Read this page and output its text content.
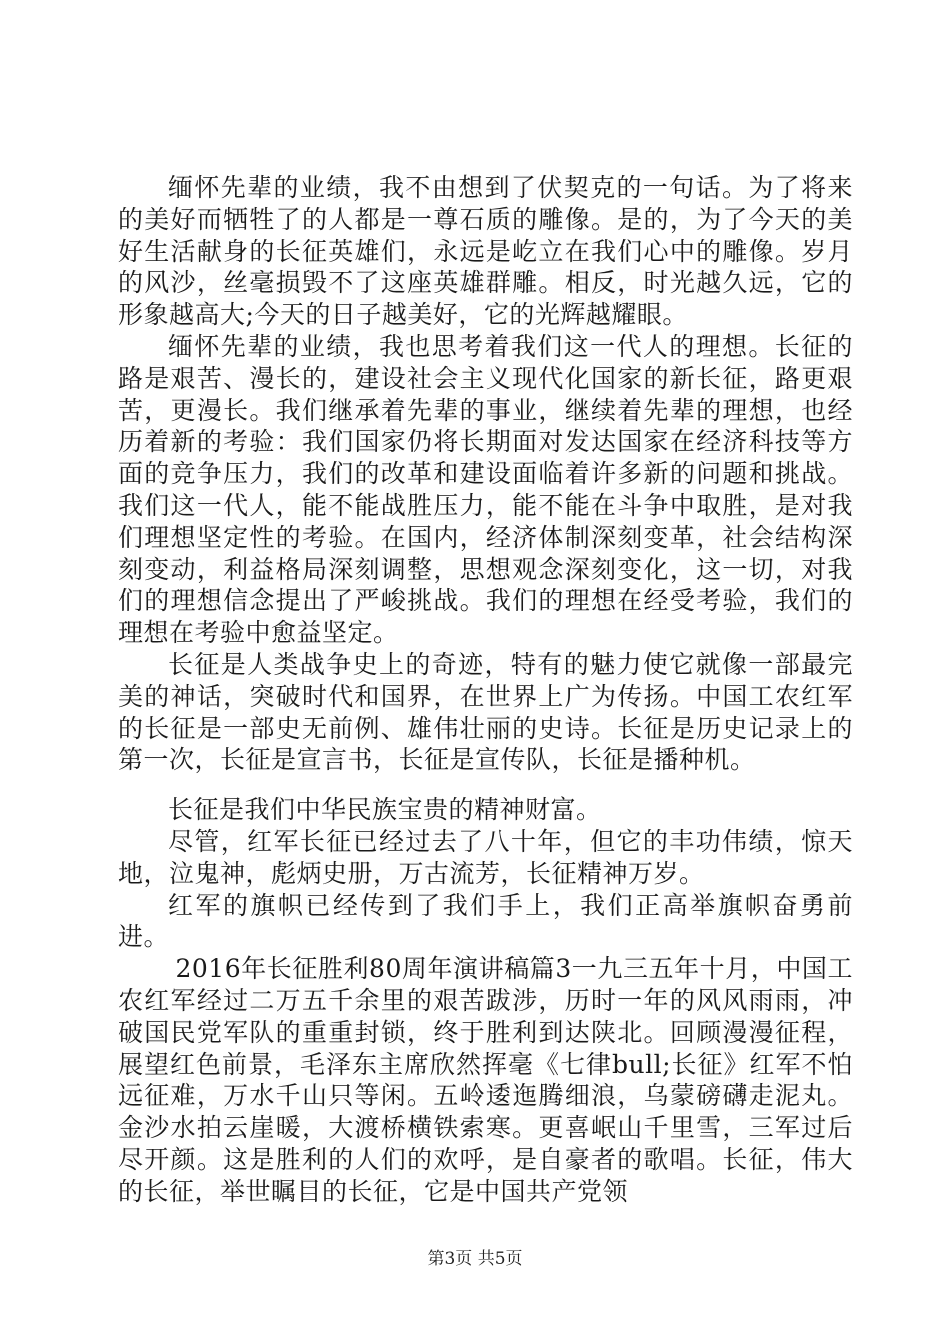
缅怀先辈的业绩，我不由想到了伏契克的一句话。为了将来的美好而牺牲了的人都是一尊石质的雕像。是的，为了今天的美好生活献身的长征英雄们，永远是屹立在我们心中的雕像。岁月的风沙，丝毫损毁不了这座英雄群雕。相反，时光越久远，它的形象越高大;今天的日子越美好，它的光辉越耀眼。

缅怀先辈的业绩，我也思考着我们这一代人的理想。长征的路是艰苦、漫长的，建设社会主义现代化国家的新长征，路更艰苦，更漫长。我们继承着先辈的事业，继续着先辈的理想，也经历着新的考验：我们国家仍将长期面对发达国家在经济科技等方面的竞争压力，我们的改革和建设面临着许多新的问题和挑战。我们这一代人，能不能战胜压力，能不能在斗争中取胜，是对我们理想坚定性的考验。在国内，经济体制深刻变革，社会结构深刻变动，利益格局深刻调整，思想观念深刻变化，这一切，对我们的理想信念提出了严峻挑战。我们的理想在经受考验，我们的理想在考验中愈益坚定。

长征是人类战争史上的奇迹，特有的魅力使它就像一部最完美的神话，突破时代和国界，在世界上广为传扬。中国工农红军的长征是一部史无前例、雄伟壮丽的史诗。长征是历史记录上的第一次，长征是宣言书，长征是宣传队，长征是播种机。

长征是我们中华民族宝贵的精神财富。

尽管，红军长征已经过去了八十年，但它的丰功伟绩，惊天地，泣鬼神，彪炳史册，万古流芳，长征精神万岁。

红军的旗帜已经传到了我们手上，我们正高举旗帜奋勇前进。

2016年长征胜利80周年演讲稿篇3一九三五年十月，中国工农红军经过二万五千余里的艰苦跋涉，历时一年的风风雨雨，冲破国民党军队的重重封锁，终于胜利到达陕北。回顾漫漫征程，展望红色前景，毛泽东主席欣然挥毫《七律bull;长征》红军不怕远征难，万水千山只等闲。五岭逶迤腾细浪，乌蒙磅礴走泥丸。金沙水拍云崖暖，大渡桥横铁索寒。更喜岷山千里雪，三军过后尽开颜。这是胜利的人们的欢呼，是自豪者的歌唱。长征，伟大的长征，举世瞩目的长征，它是中国共产党领

第3页 共5页
